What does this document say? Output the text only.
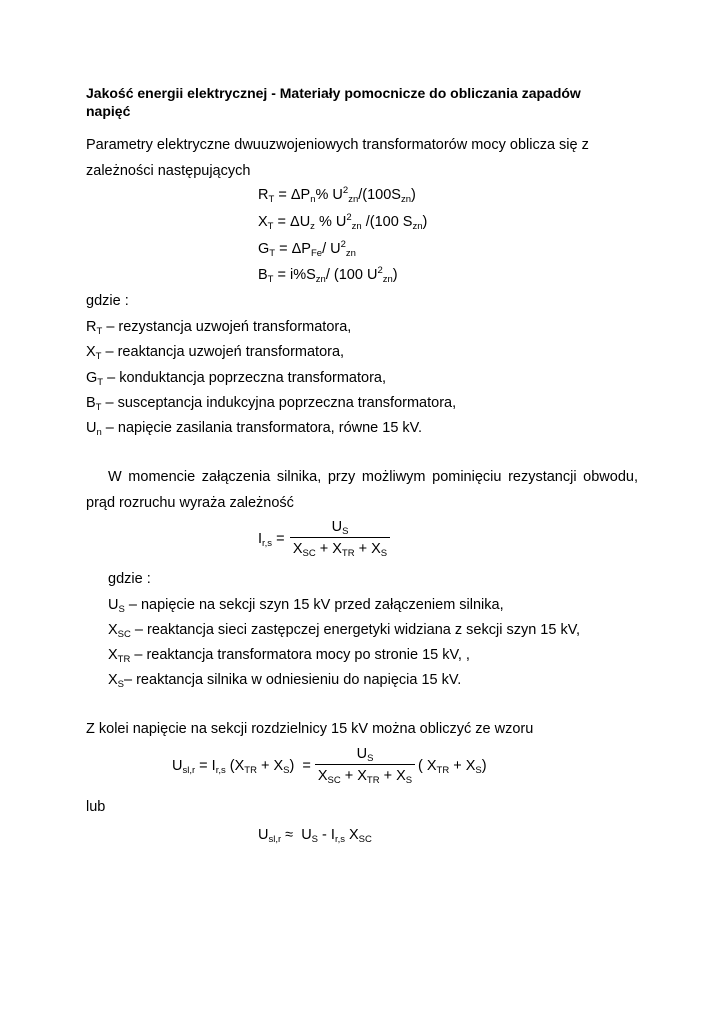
Jakość energii elektrycznej - Materiały pomocnicze do obliczania zapadów
napięć
Parametry elektryczne dwuuzwojeniowych transformatorów mocy oblicza się z
zależności następujących
$R_T = \Delta P_n\%$ $U^2_{zn}/(100S_{zn})$
$X_T = \Delta U_z$ % $U^2_{zn}$ /(100 $S_{zn}$)
$G_T = \Delta P_{Fe}/$ $U^2_{zn}$
$B_T = i\%S_{zn}/$ (100 $U^2_{zn}$)
gdzie :
$R_T$ – rezystancja uzwojeń transformatora,
$X_T$ – reaktancja uzwojeń transformatora,
$G_T$ – konduktancja poprzeczna transformatora,
$B_T$ – susceptancja indukcyjna poprzeczna transformatora,
$U_n$ – napięcie zasilania transformatora, równe 15 kV.
W momencie załączenia silnika, przy możliwym pominięciu rezystancji obwodu,
prąd rozruchu wyraża zależność
$I_{r,s}$ =
$U_S$
$X_{SC} + X_{TR} + X_S$
gdzie :
$U_S$ – napięcie na sekcji szyn 15 kV przed załączeniem silnika,
$X_{SC}$ – reaktancja sieci zastępczej energetyki widziana z sekcji szyn 15 kV,
$X_{TR}$ – reaktancja transformatora mocy po stronie 15 kV, ,
$X_S-$ reaktancja silnika w odniesieniu do napięcia 15 kV.
Z kolei napięcie na sekcji rozdzielnicy 15 kV można obliczyć ze wzoru
$U_{sl,r} = I_{r,s}$ $(X_{TR} + X_S)$  =
$U_S$
$X_{SC} + X_{TR} + X_S$
( $X_{TR} + X_S$)
lub
$U_{sl,r} \approx U_S - I_{r,s}$ $X_{SC}$
